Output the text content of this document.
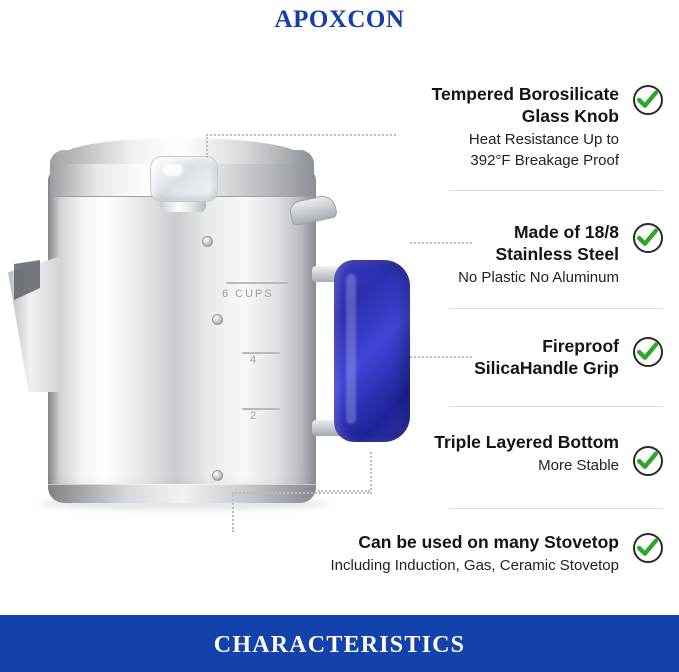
APOXCON
6 CUPS
4
2
Tempered Borosilicate
Glass Knob
Heat Resistance Up to
392°F Breakage Proof
Made of 18/8
Stainless Steel
No Plastic No Aluminum
Fireproof
SilicaHandle Grip
Triple Layered Bottom
More Stable
Can be used on many Stovetop
Including Induction, Gas, Ceramic Stovetop
CHARACTERISTICS
